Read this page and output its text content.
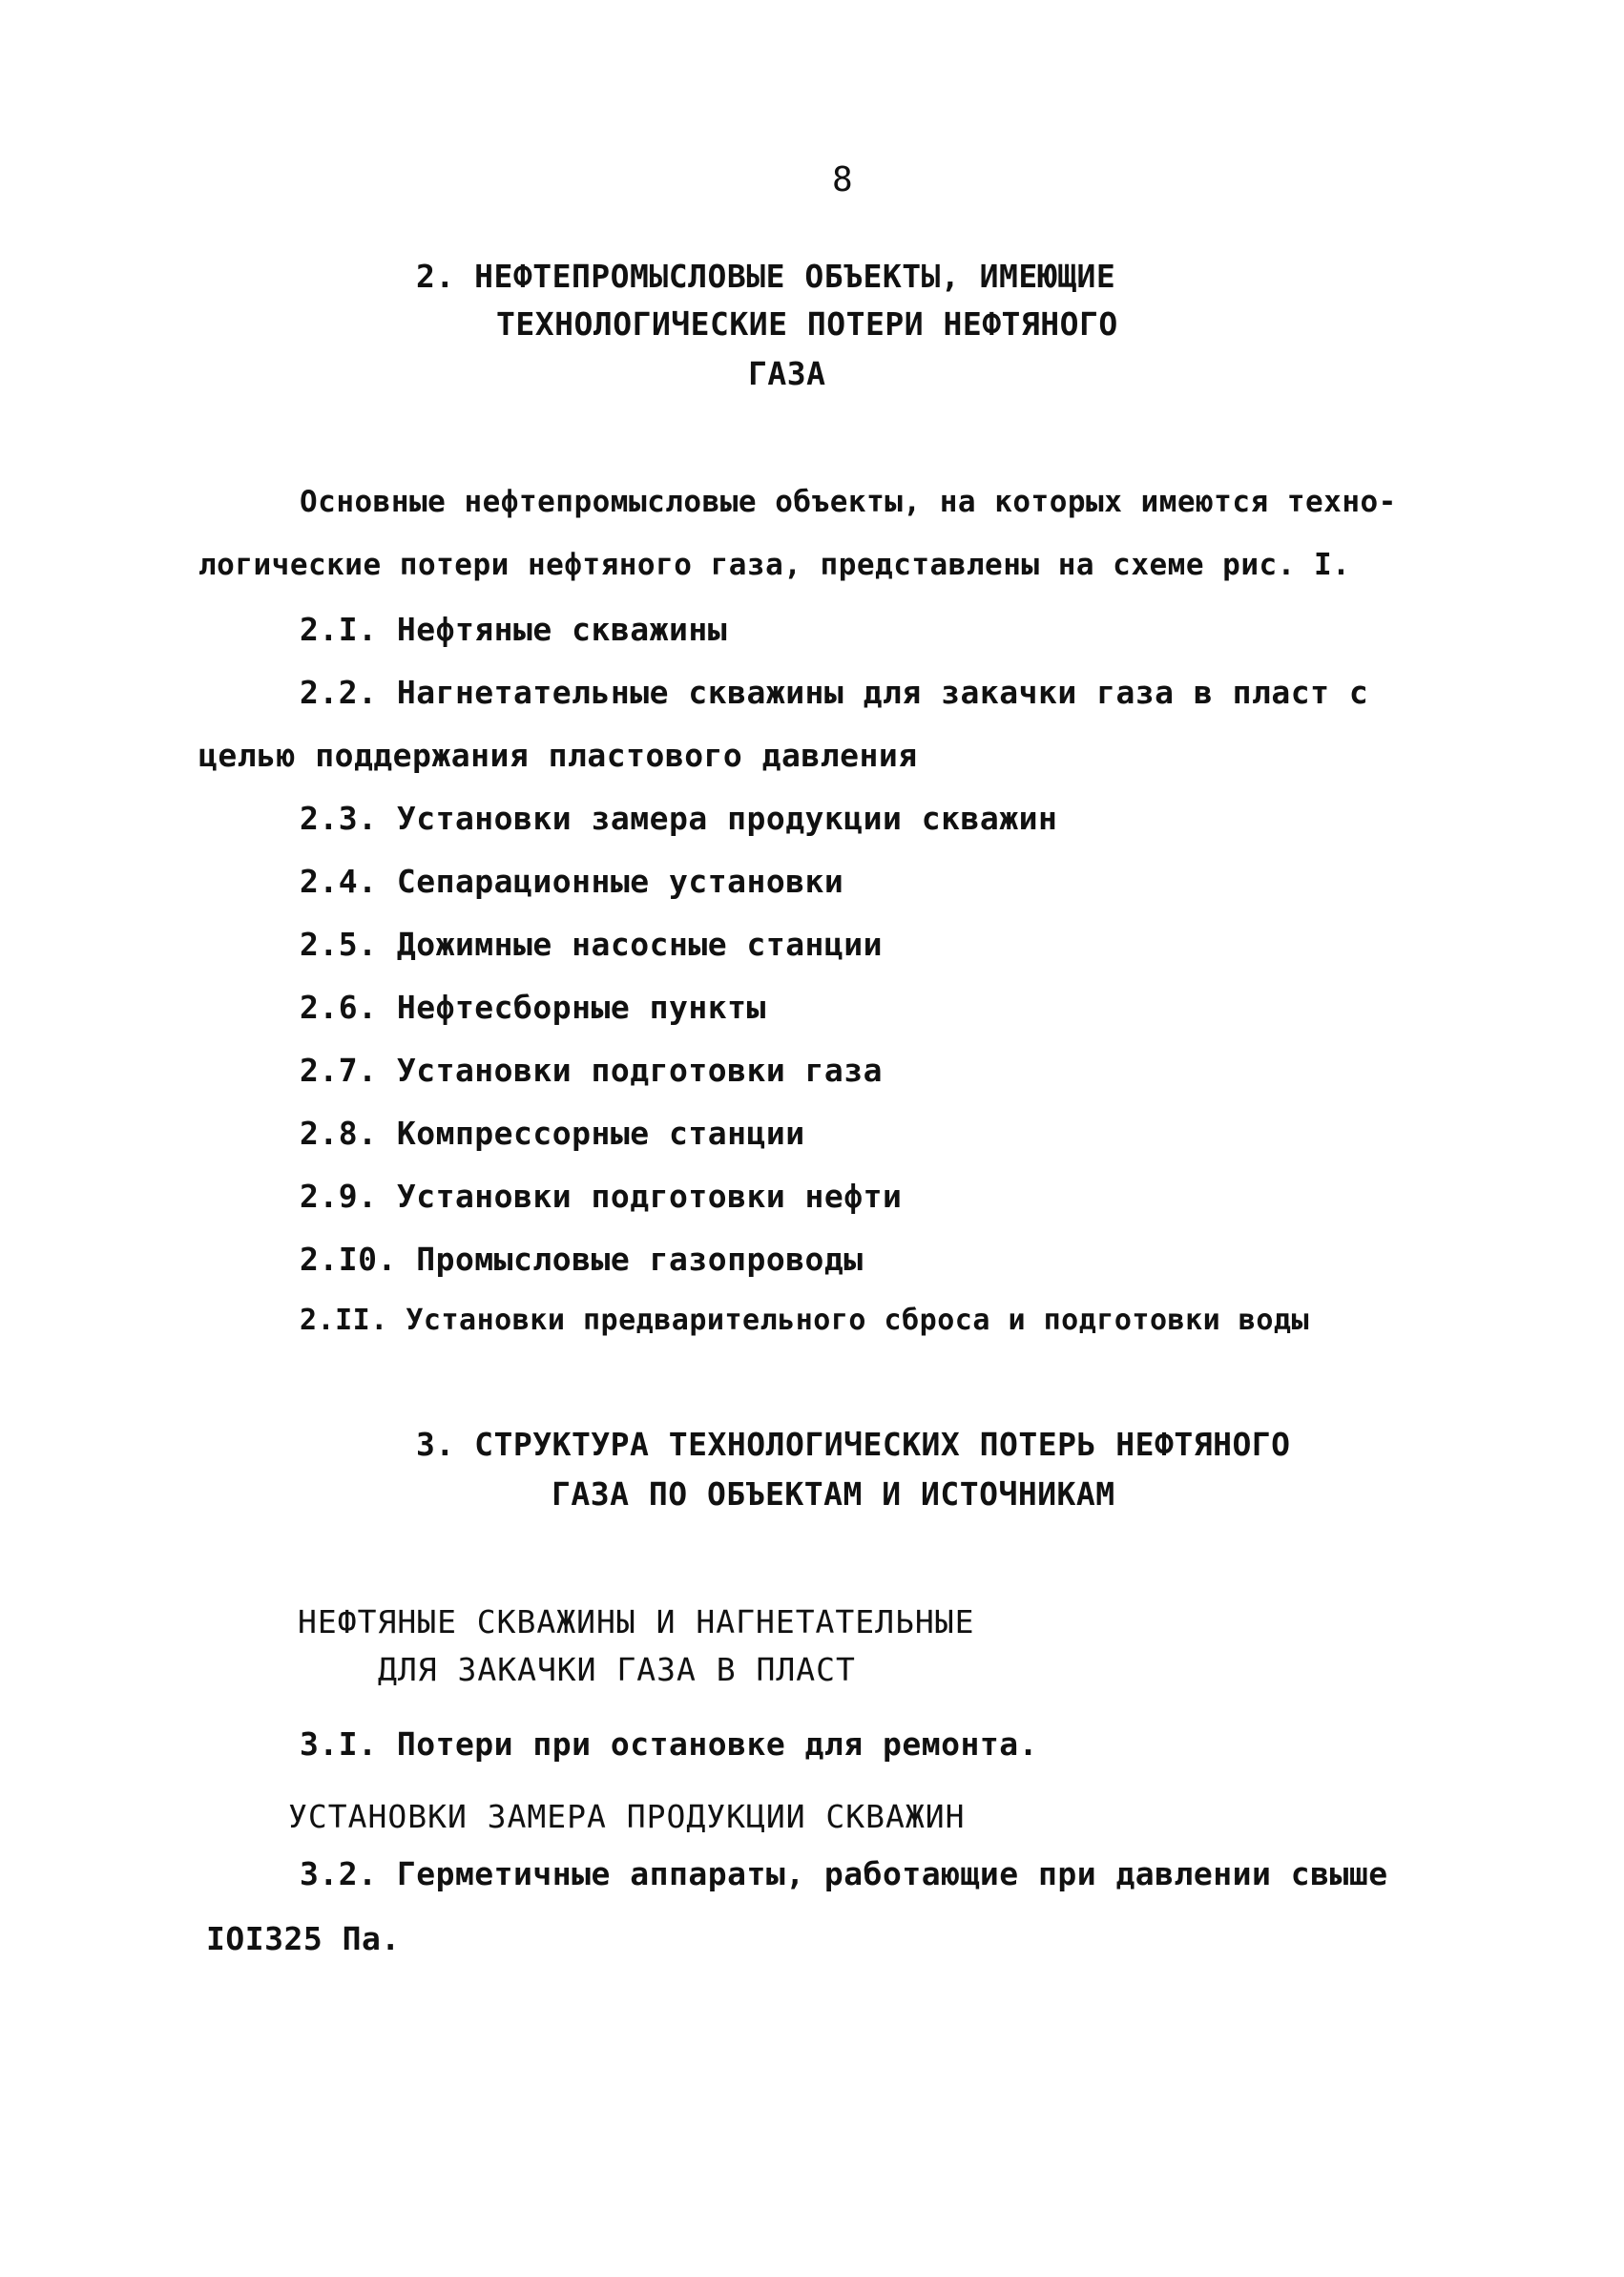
8
2. НЕФТЕПРОМЫСЛОВЫЕ ОБЪЕКТЫ, ИМЕЮЩИЕ
ТЕХНОЛОГИЧЕСКИЕ ПОТЕРИ НЕФТЯНОГО
ГАЗА
Основные нефтепромысловые объекты, на которых имеются техно-
логические потери нефтяного газа, представлены на схеме рис. I.
2.I. Нефтяные скважины
2.2. Нагнетательные скважины для закачки газа в пласт с
целью поддержания пластового давления
2.3. Установки замера продукции скважин
2.4. Сепарационные установки
2.5. Дожимные насосные станции
2.6. Нефтесборные пункты
2.7. Установки подготовки газа
2.8. Компрессорные станции
2.9. Установки подготовки нефти
2.I0. Промысловые газопроводы
2.II. Установки предварительного сброса и подготовки воды
3. СТРУКТУРА ТЕХНОЛОГИЧЕСКИХ ПОТЕРЬ НЕФТЯНОГО
ГАЗА ПО ОБЪЕКТАМ И ИСТОЧНИКАМ
НЕФТЯНЫЕ СКВАЖИНЫ И НАГНЕТАТЕЛЬНЫЕ
ДЛЯ ЗАКАЧКИ ГАЗА В ПЛАСТ
3.I. Потери при остановке для ремонта.
УСТАНОВКИ ЗАМЕРА ПРОДУКЦИИ СКВАЖИН
3.2. Герметичные аппараты, работающие при давлении свыше
IOI325 Па.
